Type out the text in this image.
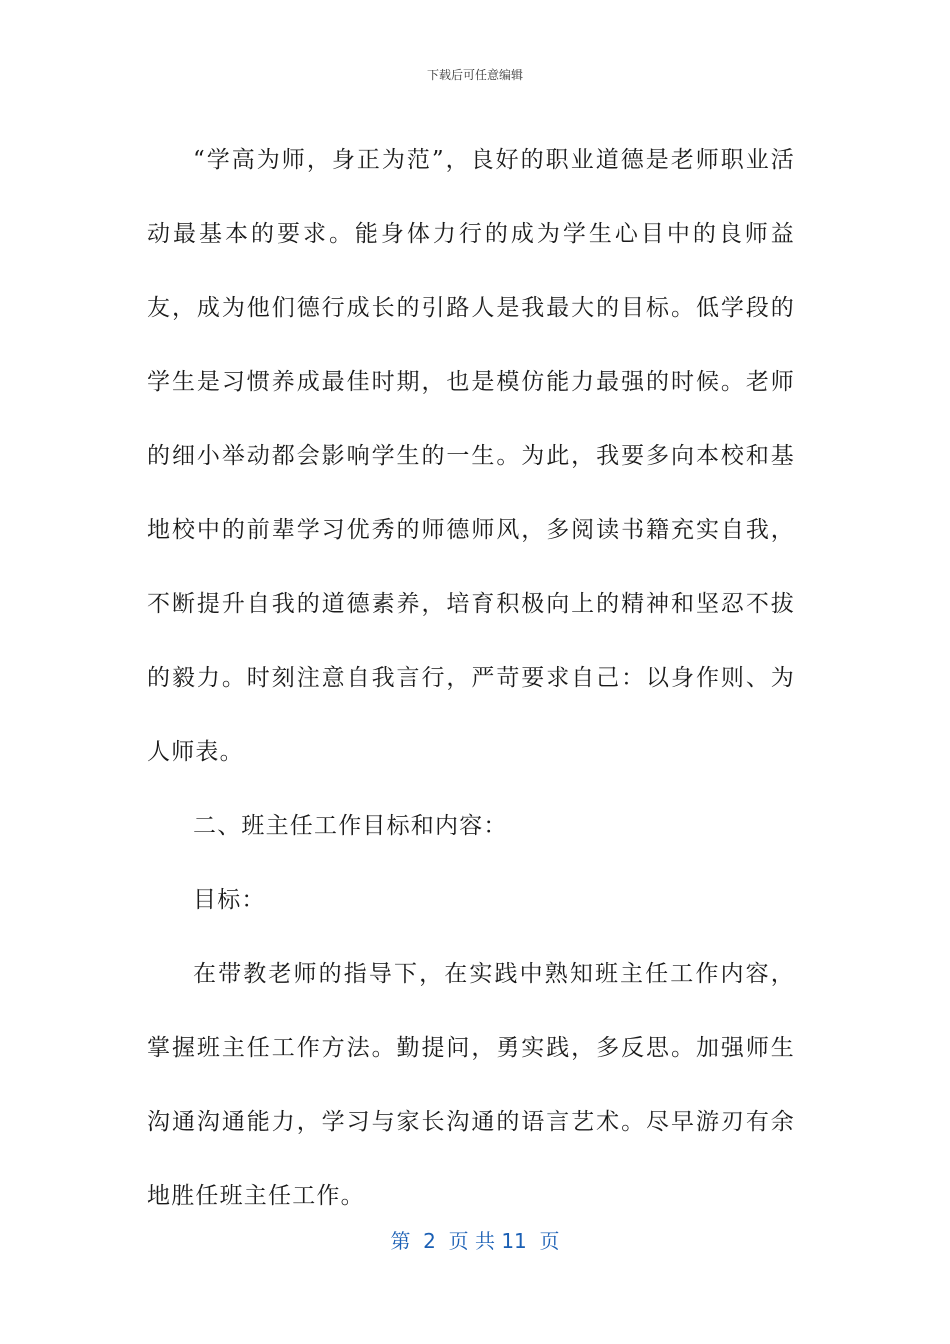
下载后可任意编辑

“学高为师，身正为范”，良好的职业道德是老师职业活动最基本的要求。能身体力行的成为学生心目中的良师益友，成为他们德行成长的引路人是我最大的目标。低学段的学生是习惯养成最佳时期，也是模仿能力最强的时候。老师的细小举动都会影响学生的一生。为此，我要多向本校和基地校中的前辈学习优秀的师德师风，多阅读书籍充实自我，不断提升自我的道德素养，培育积极向上的精神和坚忍不拔的毅力。时刻注意自我言行，严苛要求自己：以身作则、为人师表。

二、班主任工作目标和内容：

目标：

在带教老师的指导下，在实践中熟知班主任工作内容，掌握班主任工作方法。勤提问，勇实践，多反思。加强师生沟通沟通能力，学习与家长沟通的语言艺术。尽早游刃有余地胜任班主任工作。

第  2  页 共 11  页
